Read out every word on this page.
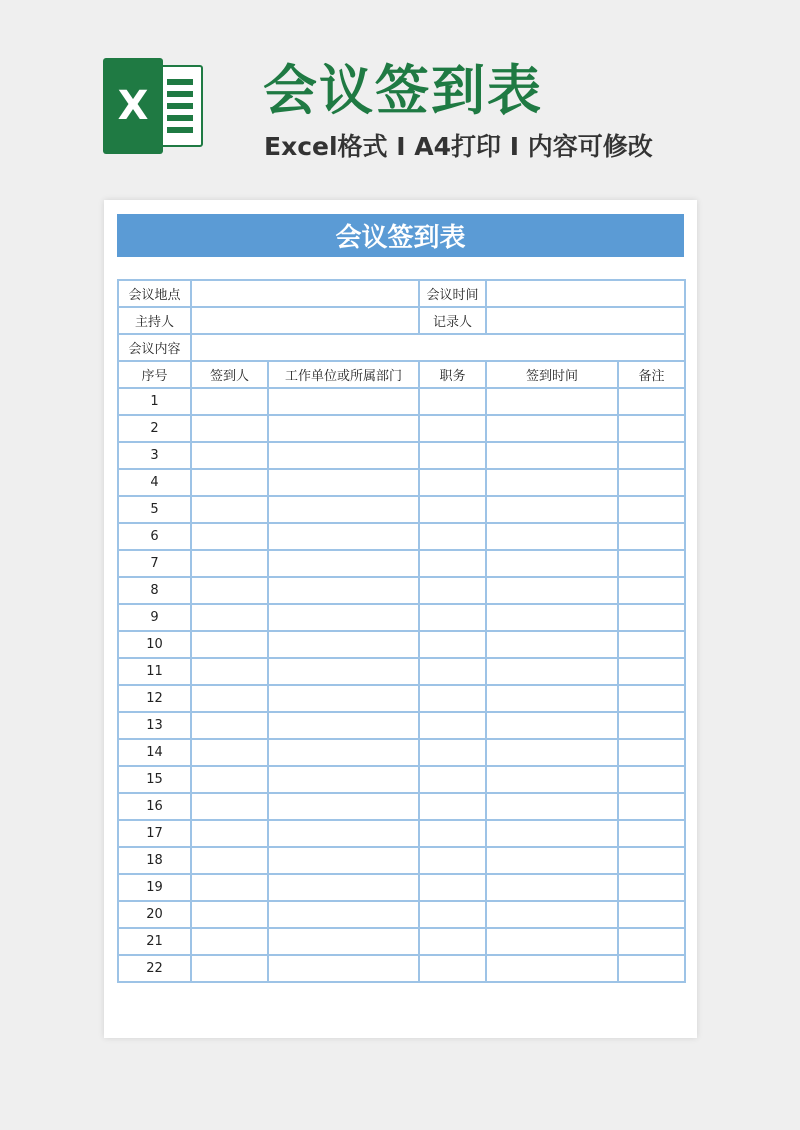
X 会议签到表
Excel格式 I A4打印 I 内容可修改
会议签到表
会议地点			会议时间		
主持人			记录人		
会议内容					
序号	签到人	工作单位或所属部门	职务	签到时间	备注
1					
2					
3					
4					
5					
6					
7					
8					
9					
10					
11					
12					
13					
14					
15					
16					
17					
18					
19					
20					
21					
22					
